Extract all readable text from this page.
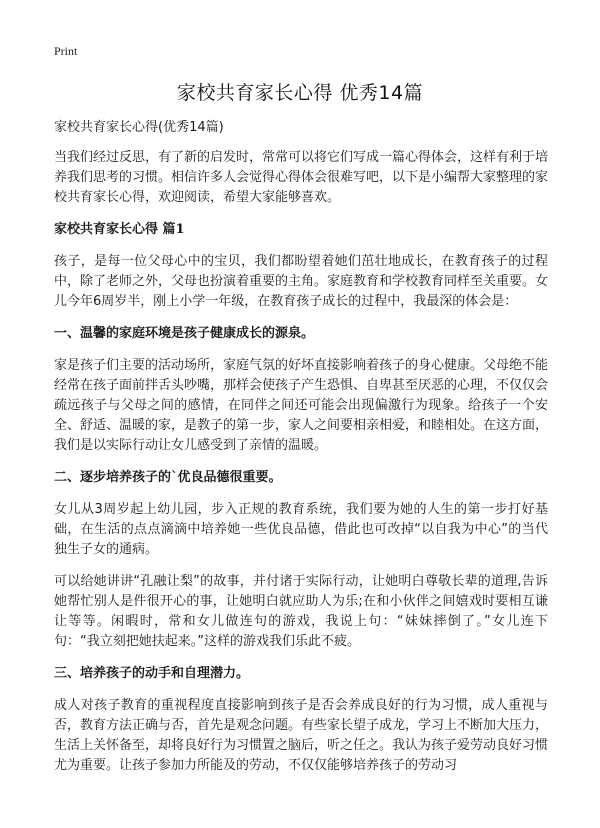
Print
家校共育家长心得 优秀14篇

家校共育家长心得(优秀14篇)

当我们经过反思，有了新的启发时，常常可以将它们写成一篇心得体会，这样有利于培养我们思考的习惯。相信许多人会觉得心得体会很难写吧，以下是小编帮大家整理的家校共育家长心得，欢迎阅读，希望大家能够喜欢。

家校共育家长心得 篇1

孩子，是每一位父母心中的宝贝，我们都盼望着她们茁壮地成长，在教育孩子的过程中，除了老师之外，父母也扮演着重要的主角。家庭教育和学校教育同样至关重要。女儿今年6周岁半，刚上小学一年级，在教育孩子成长的过程中，我最深的体会是：

一、温馨的家庭环境是孩子健康成长的源泉。

家是孩子们主要的活动场所，家庭气氛的好坏直接影响着孩子的身心健康。父母绝不能经常在孩子面前拌舌头吵嘴，那样会使孩子产生恐惧、自卑甚至厌恶的心理，不仅仅会疏远孩子与父母之间的感情，在同伴之间还可能会出现偏激行为现象。给孩子一个安全、舒适、温暖的家，是教子的第一步，家人之间要相亲相爱，和睦相处。在这方面，我们是以实际行动让女儿感受到了亲情的温暖。

二、逐步培养孩子的`优良品德很重要。

女儿从3周岁起上幼儿园，步入正规的教育系统，我们要为她的人生的第一步打好基础，在生活的点点滴滴中培养她一些优良品德，借此也可改掉“以自我为中心”的当代独生子女的通病。

可以给她讲讲“孔融让梨”的故事，并付诸于实际行动，让她明白尊敬长辈的道理,告诉她帮忙别人是件很开心的事，让她明白就应助人为乐;在和小伙伴之间嬉戏时要相互谦让等等。闲暇时，常和女儿做连句的游戏，我说上句：“妹妹摔倒了。”女儿连下句：“我立刻把她扶起来。”这样的游戏我们乐此不疲。

三、培养孩子的动手和自理潜力。

成人对孩子教育的重视程度直接影响到孩子是否会养成良好的行为习惯，成人重视与否，教育方法正确与否，首先是观念问题。有些家长望子成龙，学习上不断加大压力，生活上关怀备至，却将良好行为习惯置之脑后，听之任之。我认为孩子爱劳动良好习惯尤为重要。让孩子参加力所能及的劳动，不仅仅能够培养孩子的劳动习
